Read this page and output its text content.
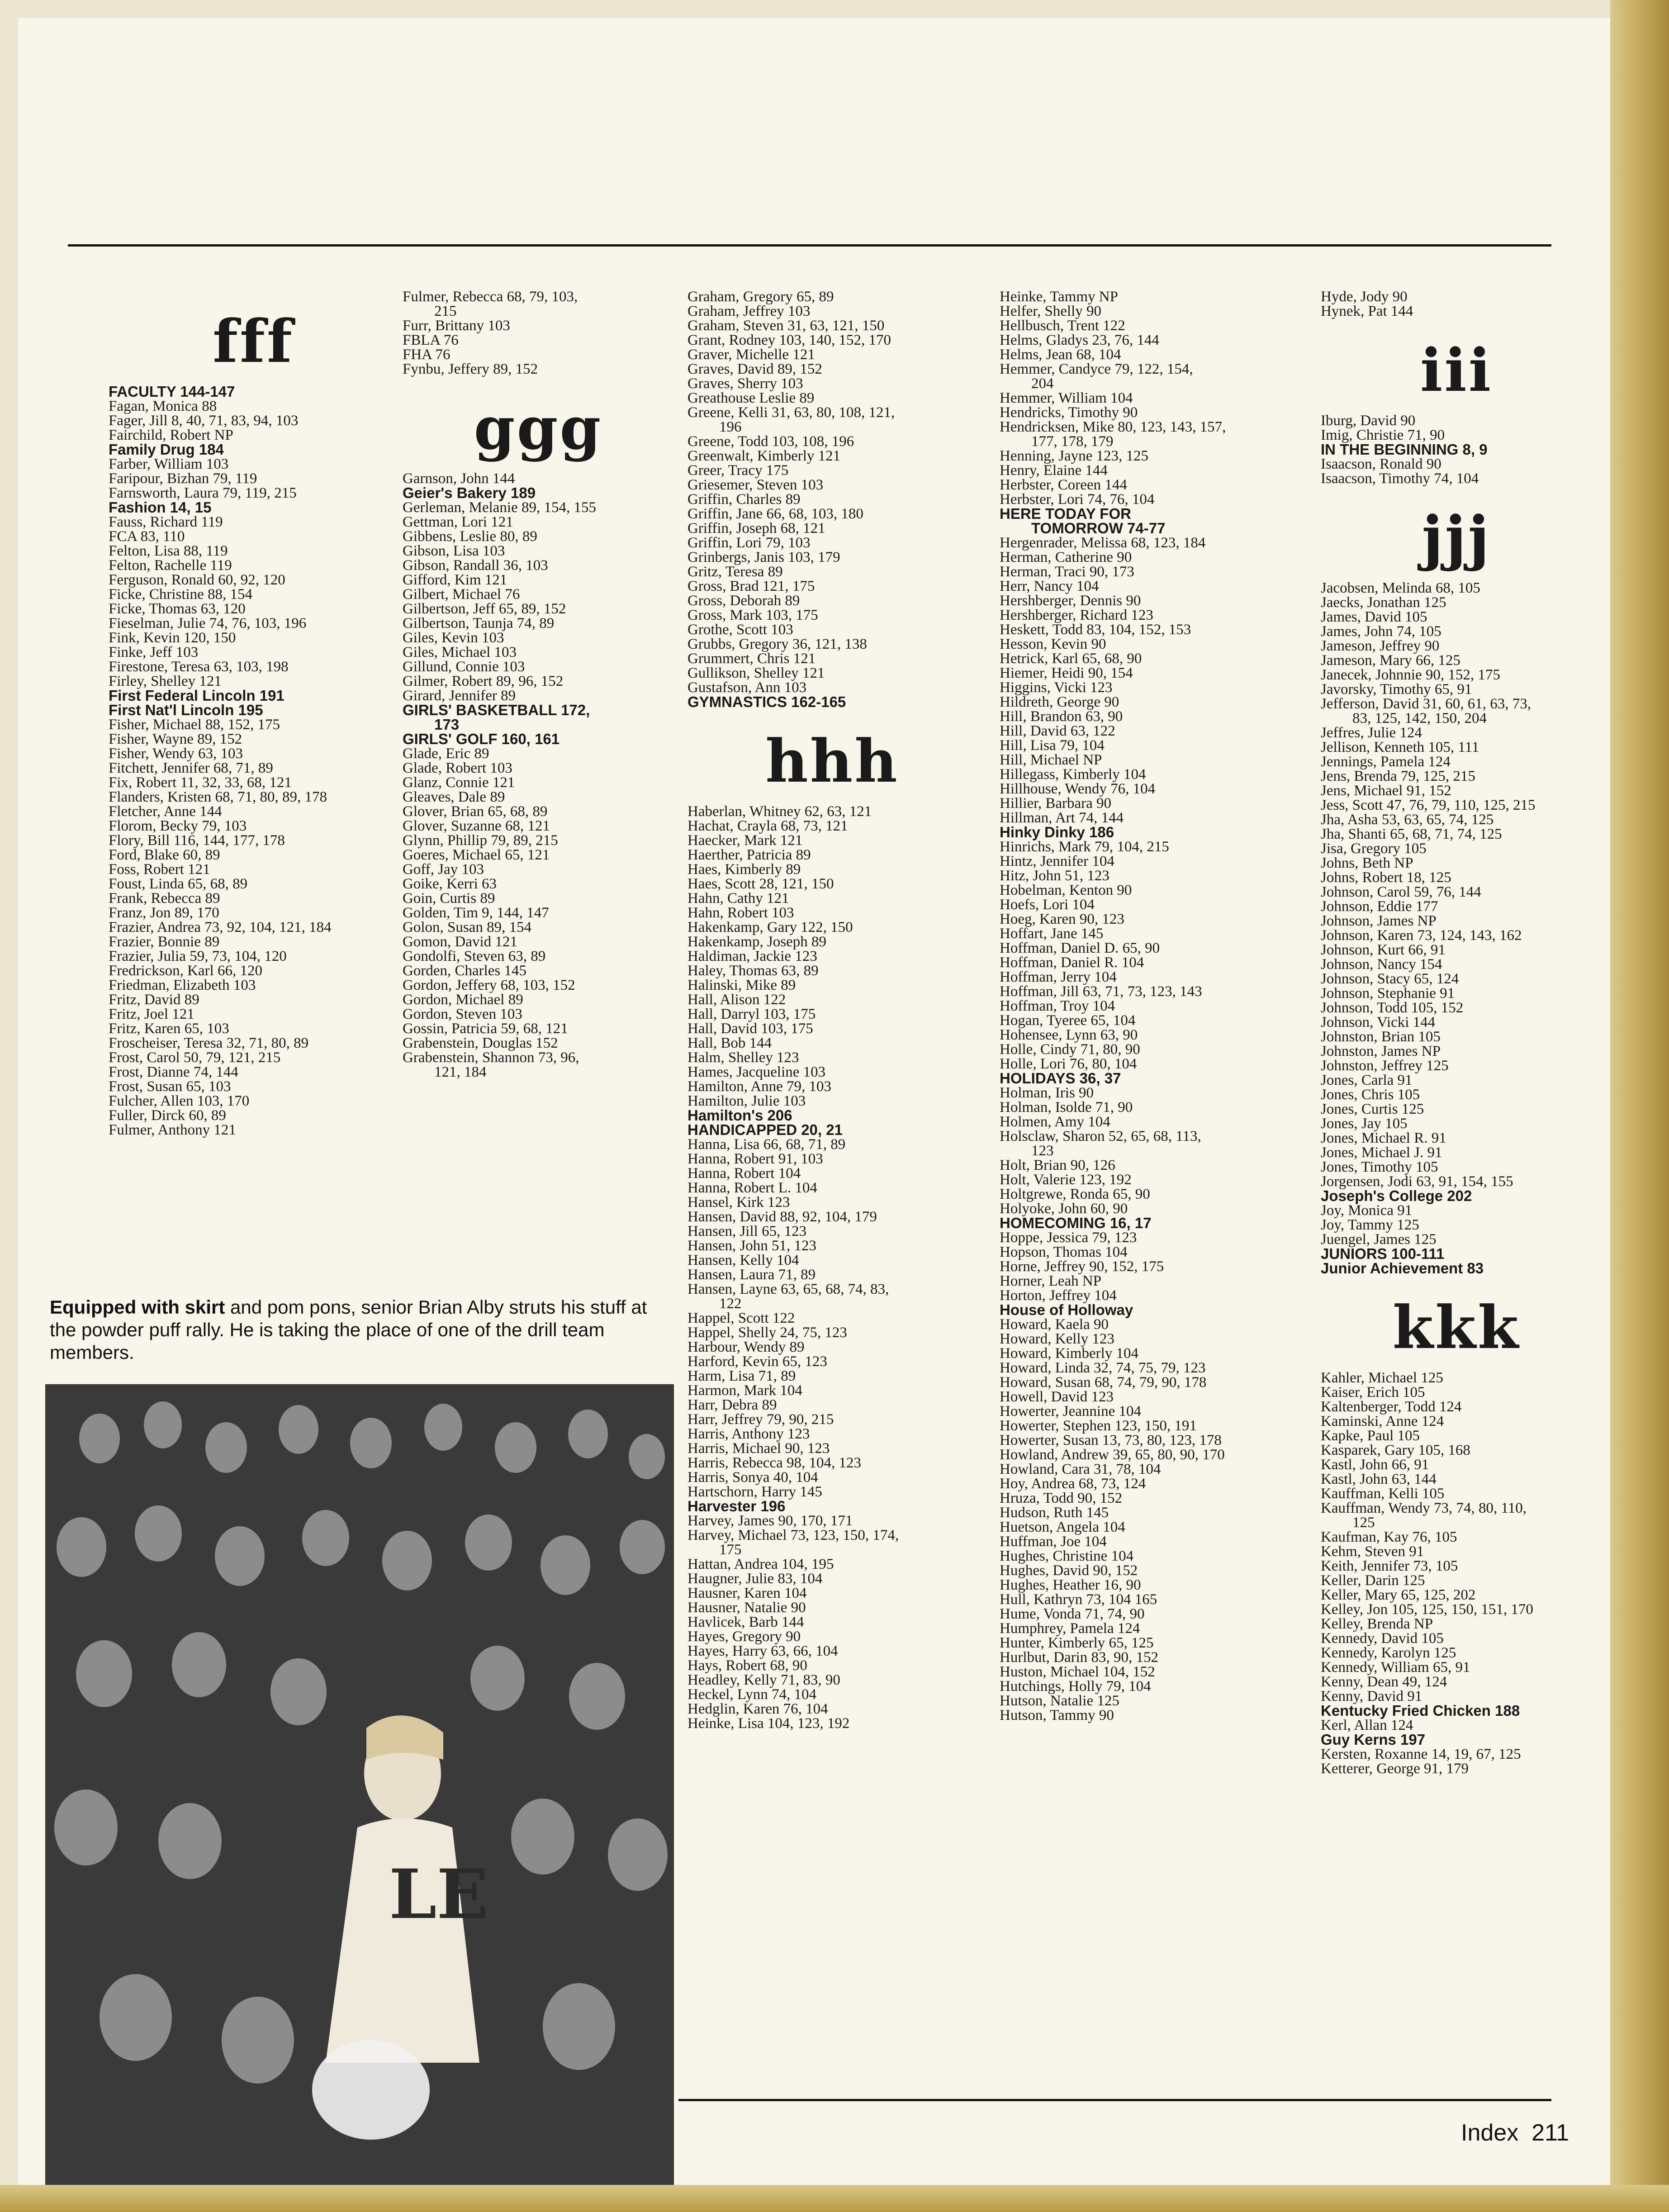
fff
FACULTY 144-147
Fagan, Monica 88
Fager, Jill 8, 40, 71, 83, 94, 103
Fairchild, Robert NP
Family Drug 184
Farber, William 103
Faripour, Bizhan 79, 119
Farnsworth, Laura 79, 119, 215
Fashion 14, 15
Fauss, Richard 119
FCA 83, 110
Felton, Lisa 88, 119
Felton, Rachelle 119
Ferguson, Ronald 60, 92, 120
Ficke, Christine 88, 154
Ficke, Thomas 63, 120
Fieselman, Julie 74, 76, 103, 196
Fink, Kevin 120, 150
Finke, Jeff 103
Firestone, Teresa 63, 103, 198
Firley, Shelley 121
First Federal Lincoln 191
First Nat'l Lincoln 195
Fisher, Michael 88, 152, 175
Fisher, Wayne 89, 152
Fisher, Wendy 63, 103
Fitchett, Jennifer 68, 71, 89
Fix, Robert 11, 32, 33, 68, 121
Flanders, Kristen 68, 71, 80, 89, 178
Fletcher, Anne 144
Florom, Becky 79, 103
Flory, Bill 116, 144, 177, 178
Ford, Blake 60, 89
Foss, Robert 121
Foust, Linda 65, 68, 89
Frank, Rebecca 89
Franz, Jon 89, 170
Frazier, Andrea 73, 92, 104, 121, 184
Frazier, Bonnie 89
Frazier, Julia 59, 73, 104, 120
Fredrickson, Karl 66, 120
Friedman, Elizabeth 103
Fritz, David 89
Fritz, Joel 121
Fritz, Karen 65, 103
Froscheiser, Teresa 32, 71, 80, 89
Frost, Carol 50, 79, 121, 215
Frost, Dianne 74, 144
Frost, Susan 65, 103
Fulcher, Allen 103, 170
Fuller, Dirck 60, 89
Fulmer, Anthony 121
Fulmer, Rebecca 68, 79, 103,
215
Furr, Brittany 103
FBLA 76
FHA 76
Fynbu, Jeffery 89, 152
ggg
Garnson, John 144
Geier's Bakery 189
Gerleman, Melanie 89, 154, 155
Gettman, Lori 121
Gibbens, Leslie 80, 89
Gibson, Lisa 103
Gibson, Randall 36, 103
Gifford, Kim 121
Gilbert, Michael 76
Gilbertson, Jeff 65, 89, 152
Gilbertson, Taunja 74, 89
Giles, Kevin 103
Giles, Michael 103
Gillund, Connie 103
Gilmer, Robert 89, 96, 152
Girard, Jennifer 89
GIRLS' BASKETBALL 172,
173
GIRLS' GOLF 160, 161
Glade, Eric 89
Glade, Robert 103
Glanz, Connie 121
Gleaves, Dale 89
Glover, Brian 65, 68, 89
Glover, Suzanne 68, 121
Glynn, Phillip 79, 89, 215
Goeres, Michael 65, 121
Goff, Jay 103
Goike, Kerri 63
Goin, Curtis 89
Golden, Tim 9, 144, 147
Golon, Susan 89, 154
Gomon, David 121
Gondolfi, Steven 63, 89
Gorden, Charles 145
Gordon, Jeffery 68, 103, 152
Gordon, Michael 89
Gordon, Steven 103
Gossin, Patricia 59, 68, 121
Grabenstein, Douglas 152
Grabenstein, Shannon 73, 96,
121, 184
Graham, Gregory 65, 89
Graham, Jeffrey 103
Graham, Steven 31, 63, 121, 150
Grant, Rodney 103, 140, 152, 170
Graver, Michelle 121
Graves, David 89, 152
Graves, Sherry 103
Greathouse Leslie 89
Greene, Kelli 31, 63, 80, 108, 121,
196
Greene, Todd 103, 108, 196
Greenwalt, Kimberly 121
Greer, Tracy 175
Griesemer, Steven 103
Griffin, Charles 89
Griffin, Jane 66, 68, 103, 180
Griffin, Joseph 68, 121
Griffin, Lori 79, 103
Grinbergs, Janis 103, 179
Gritz, Teresa 89
Gross, Brad 121, 175
Gross, Deborah 89
Gross, Mark 103, 175
Grothe, Scott 103
Grubbs, Gregory 36, 121, 138
Grummert, Chris 121
Gullikson, Shelley 121
Gustafson, Ann 103
GYMNASTICS 162-165
hhh
Haberlan, Whitney 62, 63, 121
Hachat, Crayla 68, 73, 121
Haecker, Mark 121
Haerther, Patricia 89
Haes, Kimberly 89
Haes, Scott 28, 121, 150
Hahn, Cathy 121
Hahn, Robert 103
Hakenkamp, Gary 122, 150
Hakenkamp, Joseph 89
Haldiman, Jackie 123
Haley, Thomas 63, 89
Halinski, Mike 89
Hall, Alison 122
Hall, Darryl 103, 175
Hall, David 103, 175
Hall, Bob 144
Halm, Shelley 123
Hames, Jacqueline 103
Hamilton, Anne 79, 103
Hamilton, Julie 103
Hamilton's 206
HANDICAPPED 20, 21
Hanna, Lisa 66, 68, 71, 89
Hanna, Robert 91, 103
Hanna, Robert 104
Hanna, Robert L. 104
Hansel, Kirk 123
Hansen, David 88, 92, 104, 179
Hansen, Jill 65, 123
Hansen, John 51, 123
Hansen, Kelly 104
Hansen, Laura 71, 89
Hansen, Layne 63, 65, 68, 74, 83,
122
Happel, Scott 122
Happel, Shelly 24, 75, 123
Harbour, Wendy 89
Harford, Kevin 65, 123
Harm, Lisa 71, 89
Harmon, Mark 104
Harr, Debra 89
Harr, Jeffrey 79, 90, 215
Harris, Anthony 123
Harris, Michael 90, 123
Harris, Rebecca 98, 104, 123
Harris, Sonya 40, 104
Hartschorn, Harry 145
Harvester 196
Harvey, James 90, 170, 171
Harvey, Michael 73, 123, 150, 174,
175
Hattan, Andrea 104, 195
Haugner, Julie 83, 104
Hausner, Karen 104
Hausner, Natalie 90
Havlicek, Barb 144
Hayes, Gregory 90
Hayes, Harry 63, 66, 104
Hays, Robert 68, 90
Headley, Kelly 71, 83, 90
Heckel, Lynn 74, 104
Hedglin, Karen 76, 104
Heinke, Lisa 104, 123, 192
Heinke, Tammy NP
Helfer, Shelly 90
Hellbusch, Trent 122
Helms, Gladys 23, 76, 144
Helms, Jean 68, 104
Hemmer, Candyce 79, 122, 154,
204
Hemmer, William 104
Hendricks, Timothy 90
Hendricksen, Mike 80, 123, 143, 157,
177, 178, 179
Henning, Jayne 123, 125
Henry, Elaine 144
Herbster, Coreen 144
Herbster, Lori 74, 76, 104
HERE TODAY FOR
TOMORROW 74-77
Hergenrader, Melissa 68, 123, 184
Herman, Catherine 90
Herman, Traci 90, 173
Herr, Nancy 104
Hershberger, Dennis 90
Hershberger, Richard 123
Heskett, Todd 83, 104, 152, 153
Hesson, Kevin 90
Hetrick, Karl 65, 68, 90
Hiemer, Heidi 90, 154
Higgins, Vicki 123
Hildreth, George 90
Hill, Brandon 63, 90
Hill, David 63, 122
Hill, Lisa 79, 104
Hill, Michael NP
Hillegass, Kimberly 104
Hillhouse, Wendy 76, 104
Hillier, Barbara 90
Hillman, Art 74, 144
Hinky Dinky 186
Hinrichs, Mark 79, 104, 215
Hintz, Jennifer 104
Hitz, John 51, 123
Hobelman, Kenton 90
Hoefs, Lori 104
Hoeg, Karen 90, 123
Hoffart, Jane 145
Hoffman, Daniel D. 65, 90
Hoffman, Daniel R. 104
Hoffman, Jerry 104
Hoffman, Jill 63, 71, 73, 123, 143
Hoffman, Troy 104
Hogan, Tyeree 65, 104
Hohensee, Lynn 63, 90
Holle, Cindy 71, 80, 90
Holle, Lori 76, 80, 104
HOLIDAYS 36, 37
Holman, Iris 90
Holman, Isolde 71, 90
Holmen, Amy 104
Holsclaw, Sharon 52, 65, 68, 113,
123
Holt, Brian 90, 126
Holt, Valerie 123, 192
Holtgrewe, Ronda 65, 90
Holyoke, John 60, 90
HOMECOMING 16, 17
Hoppe, Jessica 79, 123
Hopson, Thomas 104
Horne, Jeffrey 90, 152, 175
Horner, Leah NP
Horton, Jeffrey 104
House of Holloway
Howard, Kaela 90
Howard, Kelly 123
Howard, Kimberly 104
Howard, Linda 32, 74, 75, 79, 123
Howard, Susan 68, 74, 79, 90, 178
Howell, David 123
Howerter, Jeannine 104
Howerter, Stephen 123, 150, 191
Howerter, Susan 13, 73, 80, 123, 178
Howland, Andrew 39, 65, 80, 90, 170
Howland, Cara 31, 78, 104
Hoy, Andrea 68, 73, 124
Hruza, Todd 90, 152
Hudson, Ruth 145
Huetson, Angela 104
Huffman, Joe 104
Hughes, Christine 104
Hughes, David 90, 152
Hughes, Heather 16, 90
Hull, Kathryn 73, 104 165
Hume, Vonda 71, 74, 90
Humphrey, Pamela 124
Hunter, Kimberly 65, 125
Hurlbut, Darin 83, 90, 152
Huston, Michael 104, 152
Hutchings, Holly 79, 104
Hutson, Natalie 125
Hutson, Tammy 90
Hyde, Jody 90
Hynek, Pat 144
iii
Iburg, David 90
Imig, Christie 71, 90
IN THE BEGINNING 8, 9
Isaacson, Ronald 90
Isaacson, Timothy 74, 104
jjj
Jacobsen, Melinda 68, 105
Jaecks, Jonathan 125
James, David 105
James, John 74, 105
Jameson, Jeffrey 90
Jameson, Mary 66, 125
Janecek, Johnnie 90, 152, 175
Javorsky, Timothy 65, 91
Jefferson, David 31, 60, 61, 63, 73,
83, 125, 142, 150, 204
Jeffres, Julie 124
Jellison, Kenneth 105, 111
Jennings, Pamela 124
Jens, Brenda 79, 125, 215
Jens, Michael 91, 152
Jess, Scott 47, 76, 79, 110, 125, 215
Jha, Asha 53, 63, 65, 74, 125
Jha, Shanti 65, 68, 71, 74, 125
Jisa, Gregory 105
Johns, Beth NP
Johns, Robert 18, 125
Johnson, Carol 59, 76, 144
Johnson, Eddie 177
Johnson, James NP
Johnson, Karen 73, 124, 143, 162
Johnson, Kurt 66, 91
Johnson, Nancy 154
Johnson, Stacy 65, 124
Johnson, Stephanie 91
Johnson, Todd 105, 152
Johnson, Vicki 144
Johnston, Brian 105
Johnston, James NP
Johnston, Jeffrey 125
Jones, Carla 91
Jones, Chris 105
Jones, Curtis 125
Jones, Jay 105
Jones, Michael R. 91
Jones, Michael J. 91
Jones, Timothy 105
Jorgensen, Jodi 63, 91, 154, 155
Joseph's College 202
Joy, Monica 91
Joy, Tammy 125
Juengel, James 125
JUNIORS 100-111
Junior Achievement 83
kkk
Kahler, Michael 125
Kaiser, Erich 105
Kaltenberger, Todd 124
Kaminski, Anne 124
Kapke, Paul 105
Kasparek, Gary 105, 168
Kastl, John 66, 91
Kastl, John 63, 144
Kauffman, Kelli 105
Kauffman, Wendy 73, 74, 80, 110,
125
Kaufman, Kay 76, 105
Kehm, Steven 91
Keith, Jennifer 73, 105
Keller, Darin 125
Keller, Mary 65, 125, 202
Kelley, Jon 105, 125, 150, 151, 170
Kelley, Brenda NP
Kennedy, David 105
Kennedy, Karolyn 125
Kennedy, William 65, 91
Kenny, Dean 49, 124
Kenny, David 91
Kentucky Fried Chicken 188
Kerl, Allan 124
Guy Kerns 197
Kersten, Roxanne 14, 19, 67, 125
Ketterer, George 91, 179
Equipped with skirt and pom pons, senior Brian Alby struts his stuff at the powder puff rally. He is taking the place of one of the drill team members.
LE
Index 211
